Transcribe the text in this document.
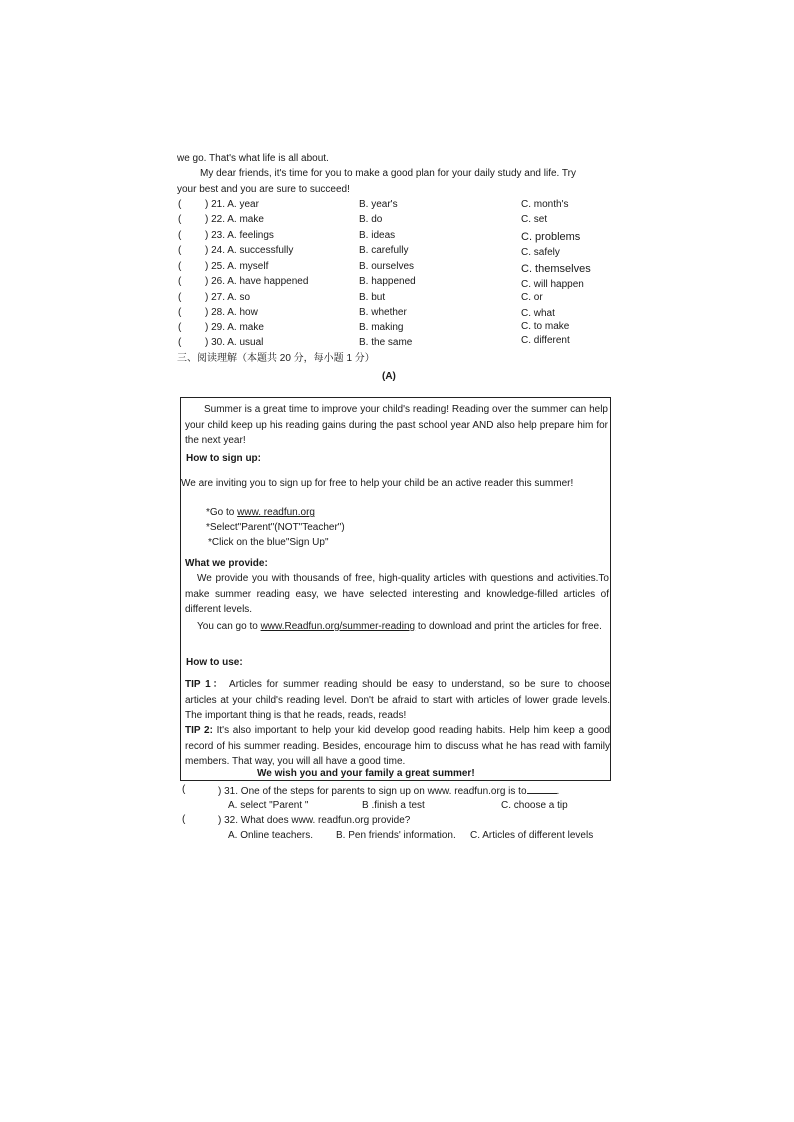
we go. That's what life is all about.
My dear friends, it's time for you to make a good plan for your daily study and life. Try
your best and you are sure to succeed!
( ) 21. A. year	B. year's	C. month's
( ) 22. A. make	B. do	C. set
( ) 23. A. feelings	B. ideas	C. problems
( ) 24. A. successfully	B. carefully	C. safely
( ) 25. A. myself	B. ourselves	C. themselves
( ) 26. A. have happened	B. happened	C. will happen
( ) 27. A. so	B. but	C. or
( ) 28. A. how	B. whether	C. what
( ) 29. A. make	B. making	C. to make
( ) 30. A. usual	B. the same	C. different
三、阅读理解（本题共 20 分，每小题 1 分）
(A)
Summer is a great time to improve your child's reading! Reading over the summer can help your child keep up his reading gains during the past school year AND also help prepare him for the next year!
How to sign up:
We are inviting you to sign up for free to help your child be an active reader this summer!
*Go to www. readfun.org
*Select"Parent"(NOT"Teacher")
*Click on the blue"Sign Up"
What we provide:
We provide you with thousands of free, high-quality articles with questions and activities.To make summer reading easy, we have selected interesting and knowledge-filled articles of different levels.
You can go to www.Readfun.org/summer-reading to download and print the articles for free.
How to use:
TIP 1： Articles for summer reading should be easy to understand, so be sure to choose articles at your child's reading level. Don't be afraid to start with articles of lower grade levels. The important thing is that he reads, reads, reads!
TIP 2: It's also important to help your kid develop good reading habits. Help him keep a good record of his summer reading. Besides, encourage him to discuss what he has read with family members. That way, you will all have a good time.
We wish you and your family a great summer!
(	) 31. One of the steps for parents to sign up on www. readfun.org is to	.
A. select "Parent "	B .finish a test	C. choose a tip
(	) 32. What does www. readfun.org provide?
A. Online teachers. B. Pen friends' information. C. Articles of different levels
